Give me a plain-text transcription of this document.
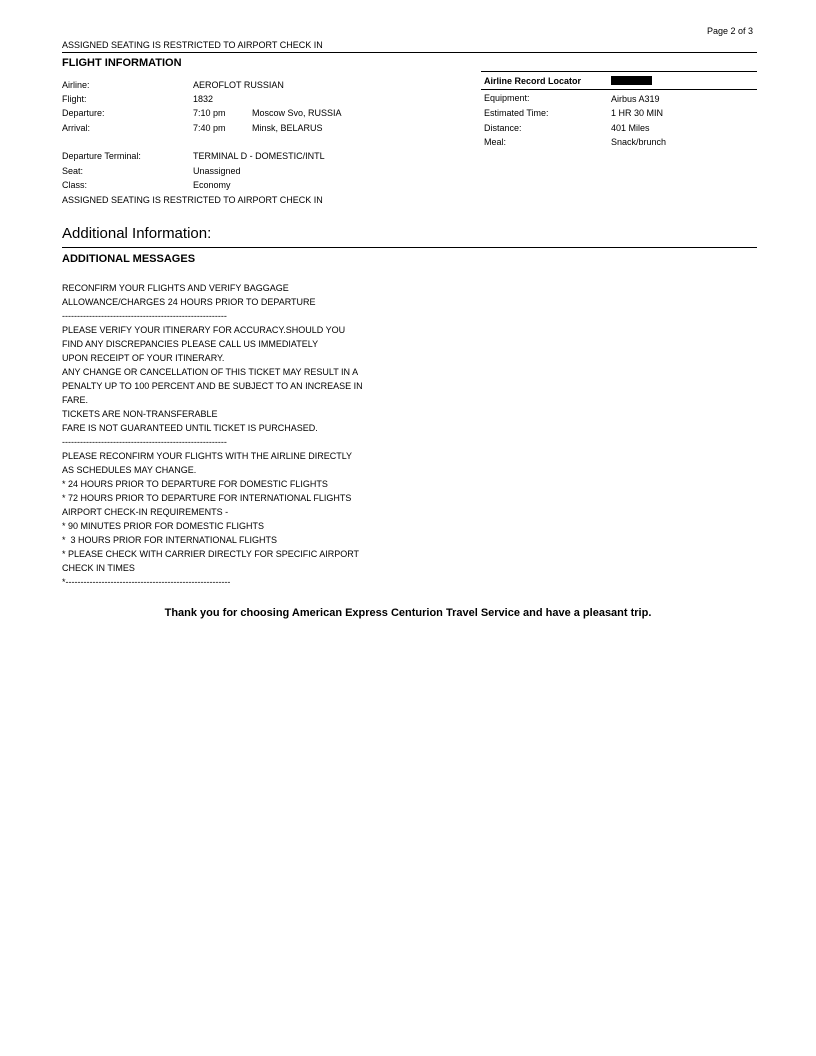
Page 2 of 3
ASSIGNED SEATING IS RESTRICTED TO AIRPORT CHECK IN
FLIGHT INFORMATION
Airline:	AEROFLOT RUSSIAN
Flight:	1832
Departure:	7:10 pm	Moscow Svo, RUSSIA
Arrival:	7:40 pm	Minsk, BELARUS
Departure Terminal:	TERMINAL D - DOMESTIC/INTL
Seat:	Unassigned
Class:	Economy
ASSIGNED SEATING IS RESTRICTED TO AIRPORT CHECK IN
Airline Record Locator
Equipment:	Airbus A319
Estimated Time:	1 HR 30 MIN
Distance:	401 Miles
Meal:	Snack/brunch
Additional Information:
ADDITIONAL MESSAGES
RECONFIRM YOUR FLIGHTS AND VERIFY BAGGAGE
ALLOWANCE/CHARGES 24 HOURS PRIOR TO DEPARTURE
-------------------------------------------------------
PLEASE VERIFY YOUR ITINERARY FOR ACCURACY.SHOULD YOU
FIND ANY DISCREPANCIES PLEASE CALL US IMMEDIATELY
UPON RECEIPT OF YOUR ITINERARY.
ANY CHANGE OR CANCELLATION OF THIS TICKET MAY RESULT IN A
PENALTY UP TO 100 PERCENT AND BE SUBJECT TO AN INCREASE IN
FARE.
TICKETS ARE NON-TRANSFERABLE
FARE IS NOT GUARANTEED UNTIL TICKET IS PURCHASED.
-------------------------------------------------------
PLEASE RECONFIRM YOUR FLIGHTS WITH THE AIRLINE DIRECTLY
AS SCHEDULES MAY CHANGE.
* 24 HOURS PRIOR TO DEPARTURE FOR DOMESTIC FLIGHTS
* 72 HOURS PRIOR TO DEPARTURE FOR INTERNATIONAL FLIGHTS
AIRPORT CHECK-IN REQUIREMENTS -
* 90 MINUTES PRIOR FOR DOMESTIC FLIGHTS
*  3 HOURS PRIOR FOR INTERNATIONAL FLIGHTS
* PLEASE CHECK WITH CARRIER DIRECTLY FOR SPECIFIC AIRPORT
CHECK IN TIMES
*-------------------------------------------------------
Thank you for choosing American Express Centurion Travel Service and have a pleasant trip.
